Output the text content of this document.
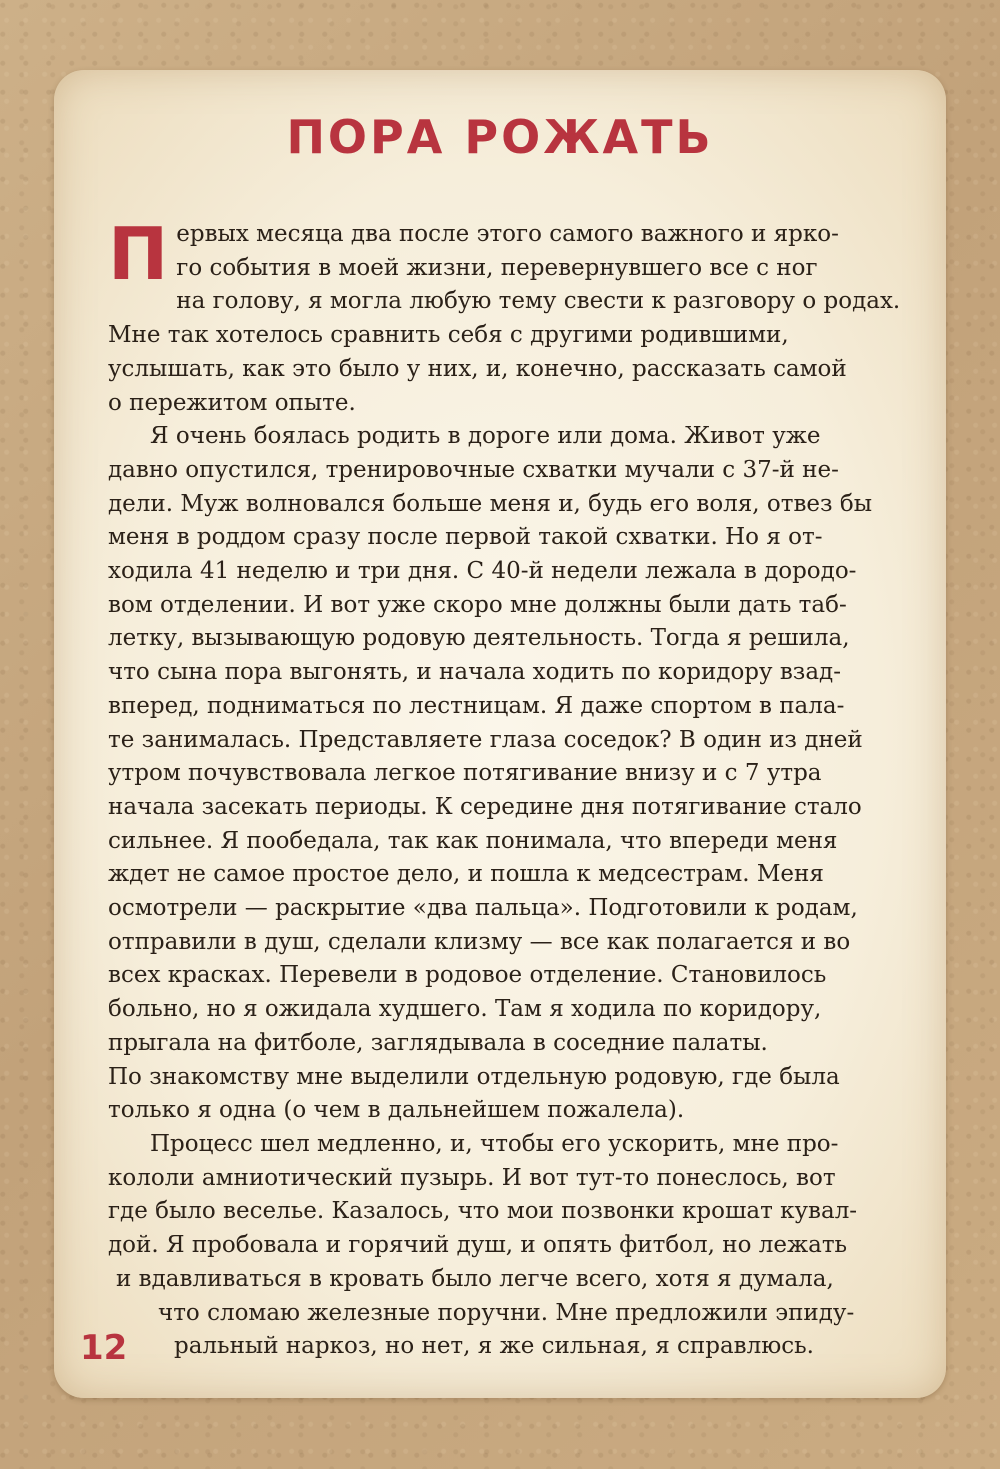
ПОРА РОЖАТЬ
П ервых месяца два после этого самого важного и ярко-
го события в моей жизни, перевернувшего все с ног
на голову, я могла любую тему свести к разговору о родах.
Мне так хотелось сравнить себя с другими родившими,
услышать, как это было у них, и, конечно, рассказать самой
о пережитом опыте.
Я очень боялась родить в дороге или дома. Живот уже
давно опустился, тренировочные схватки мучали с 37-й не-
дели. Муж волновался больше меня и, будь его воля, отвез бы
меня в роддом сразу после первой такой схватки. Но я от-
ходила 41 неделю и три дня. С 40-й недели лежала в дородо-
вом отделении. И вот уже скоро мне должны были дать таб-
летку, вызывающую родовую деятельность. Тогда я решила,
что сына пора выгонять, и начала ходить по коридору взад-
вперед, подниматься по лестницам. Я даже спортом в пала-
те занималась. Представляете глаза соседок? В один из дней
утром почувствовала легкое потягивание внизу и с 7 утра
начала засекать периоды. К середине дня потягивание стало
сильнее. Я пообедала, так как понимала, что впереди меня
ждет не самое простое дело, и пошла к медсестрам. Меня
осмотрели — раскрытие «два пальца». Подготовили к родам,
отправили в душ, сделали клизму — все как полагается и во
всех красках. Перевели в родовое отделение. Становилось
больно, но я ожидала худшего. Там я ходила по коридору,
прыгала на фитболе, заглядывала в соседние палаты.
По знакомству мне выделили отдельную родовую, где была
только я одна (о чем в дальнейшем пожалела).
Процесс шел медленно, и, чтобы его ускорить, мне про-
кололи амниотический пузырь. И вот тут-то понеслось, вот
где было веселье. Казалось, что мои позвонки крошат кувал-
дой. Я пробовала и горячий душ, и опять фитбол, но лежать
и вдавливаться в кровать было легче всего, хотя я думала,
что сломаю железные поручни. Мне предложили эпиду-
ральный наркоз, но нет, я же сильная, я справлюсь.

12
